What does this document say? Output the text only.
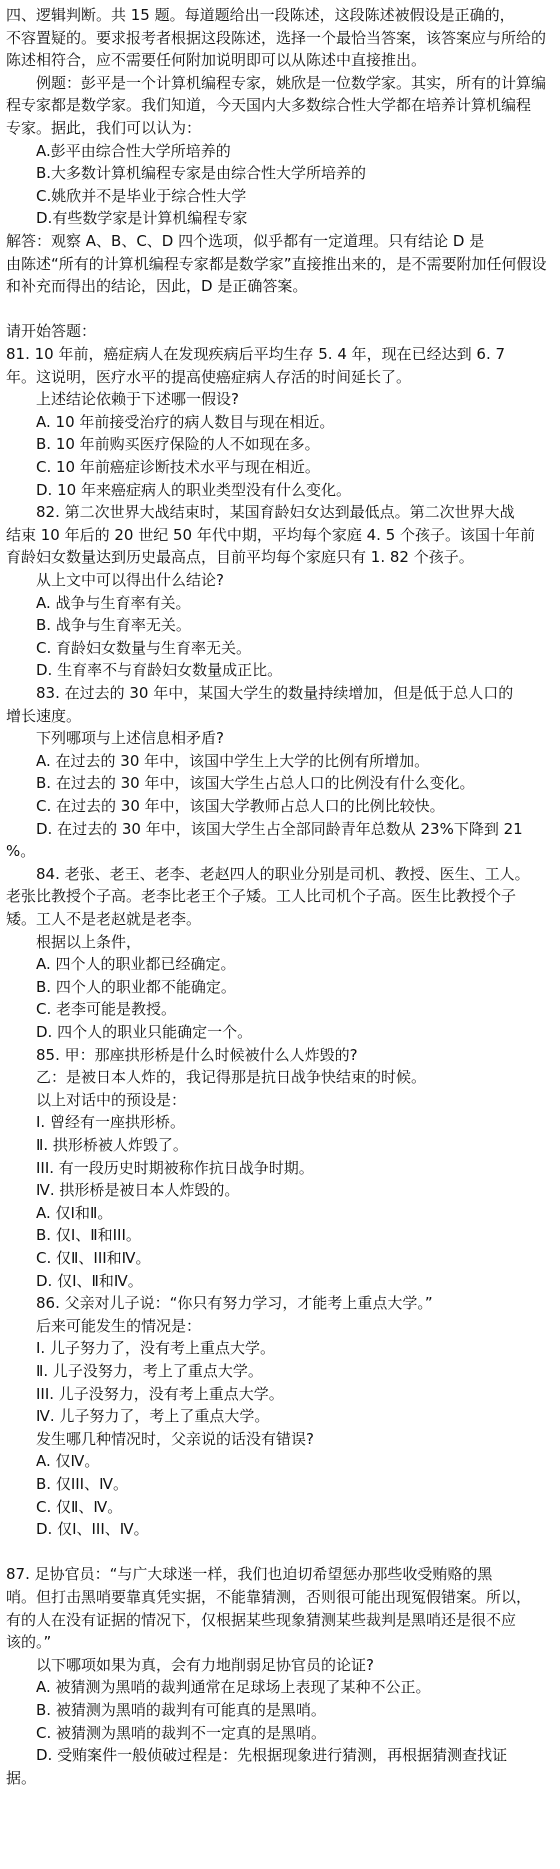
四、逻辑判断。共 15 题。每道题给出一段陈述，这段陈述被假设是正确的，
不容置疑的。要求报考者根据这段陈述，选择一个最恰当答案，该答案应与所给的
陈述相符合，应不需要任何附加说明即可以从陈述中直接推出。
例题：彭平是一个计算机编程专家，姚欣是一位数学家。其实，所有的计算编
程专家都是数学家。我们知道，今天国内大多数综合性大学都在培养计算机编程
专家。据此，我们可以认为：
A.彭平由综合性大学所培养的
B.大多数计算机编程专家是由综合性大学所培养的
C.姚欣并不是毕业于综合性大学
D.有些数学家是计算机编程专家
解答：观察 A、B、C、D 四个选项，似乎都有一定道理。只有结论 D 是
由陈述“所有的计算机编程专家都是数学家”直接推出来的，是不需要附加任何假设
和补充而得出的结论，因此，D 是正确答案。
请开始答题：
81. 10 年前，癌症病人在发现疾病后平均生存 5. 4 年，现在已经达到 6. 7
年。这说明，医疗水平的提高使癌症病人存活的时间延长了。
上述结论依赖于下述哪一假设?
A. 10 年前接受治疗的病人数目与现在相近。
B. 10 年前购买医疗保险的人不如现在多。
C. 10 年前癌症诊断技术水平与现在相近。
D. 10 年来癌症病人的职业类型没有什么变化。
82. 第二次世界大战结束时，某国育龄妇女达到最低点。第二次世界大战
结束 10 年后的 20 世纪 50 年代中期，平均每个家庭 4. 5 个孩子。该国十年前
育龄妇女数量达到历史最高点，目前平均每个家庭只有 1. 82 个孩子。
从上文中可以得出什么结论?
A. 战争与生育率有关。
B. 战争与生育率无关。
C. 育龄妇女数量与生育率无关。
D. 生育率不与育龄妇女数量成正比。
83. 在过去的 30 年中，某国大学生的数量持续增加，但是低于总人口的
增长速度。
下列哪项与上述信息相矛盾?
A. 在过去的 30 年中，该国中学生上大学的比例有所增加。
B. 在过去的 30 年中，该国大学生占总人口的比例没有什么变化。
C. 在过去的 30 年中，该国大学教师占总人口的比例比较快。
D. 在过去的 30 年中，该国大学生占全部同龄青年总数从 23%下降到 21
%。
84. 老张、老王、老李、老赵四人的职业分别是司机、教授、医生、工人。
老张比教授个子高。老李比老王个子矮。工人比司机个子高。医生比教授个子
矮。工人不是老赵就是老李。
根据以上条件，
A. 四个人的职业都已经确定。
B. 四个人的职业都不能确定。
C. 老李可能是教授。
D. 四个人的职业只能确定一个。
85. 甲：那座拱形桥是什么时候被什么人炸毁的?
乙：是被日本人炸的，我记得那是抗日战争快结束的时候。
以上对话中的预设是：
Ⅰ. 曾经有一座拱形桥。
Ⅱ. 拱形桥被人炸毁了。
III. 有一段历史时期被称作抗日战争时期。
Ⅳ. 拱形桥是被日本人炸毁的。
A. 仅Ⅰ和Ⅱ。
B. 仅Ⅰ、Ⅱ和III。
C. 仅Ⅱ、III和Ⅳ。
D. 仅Ⅰ、Ⅱ和Ⅳ。
86. 父亲对儿子说：“你只有努力学习，才能考上重点大学。”
后来可能发生的情况是：
Ⅰ. 儿子努力了，没有考上重点大学。
Ⅱ. 儿子没努力，考上了重点大学。
III. 儿子没努力，没有考上重点大学。
Ⅳ. 儿子努力了，考上了重点大学。
发生哪几种情况时，父亲说的话没有错误?
A. 仅Ⅳ。
B. 仅III、Ⅳ。
C. 仅Ⅱ、Ⅳ。
D. 仅Ⅰ、III、Ⅳ。
87. 足协官员：“与广大球迷一样，我们也迫切希望惩办那些收受贿赂的黑
哨。但打击黑哨要靠真凭实据，不能靠猜测，否则很可能出现冤假错案。所以，
有的人在没有证据的情况下，仅根据某些现象猜测某些裁判是黑哨还是很不应
该的。”
以下哪项如果为真，会有力地削弱足协官员的论证?
A. 被猜测为黑哨的裁判通常在足球场上表现了某种不公正。
B. 被猜测为黑哨的裁判有可能真的是黑哨。
C. 被猜测为黑哨的裁判不一定真的是黑哨。
D. 受贿案件一般侦破过程是：先根据现象进行猜测，再根据猜测查找证
据。
